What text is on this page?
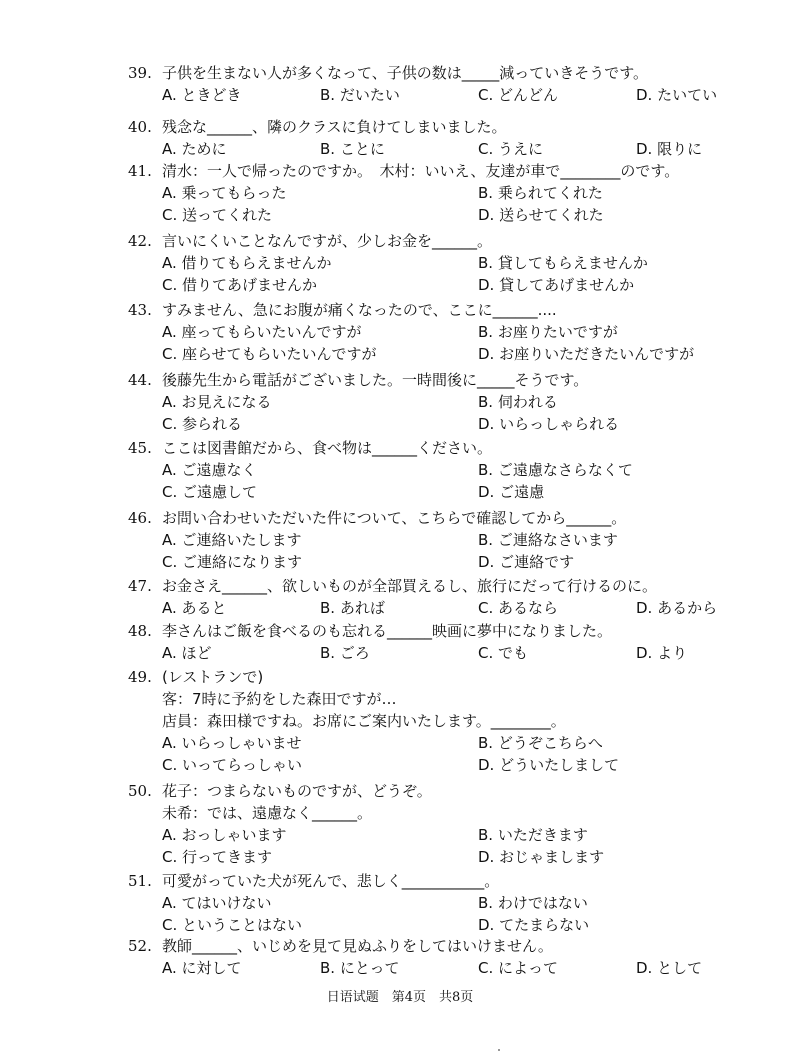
39. 子供を生まない人が多くなって、子供の数は_____減っていきそうです。
A. ときどき	B. だいたい	C. どんどん	D. たいてい
40. 残念な______、隣のクラスに負けてしまいました。
A. ために	B. ことに	C. うえに	D. 限りに
41. 清水：一人で帰ったのですか。　木村：いいえ、友達が車で________のです。
A. 乗ってもらった	B. 乗られてくれた
C. 送ってくれた	D. 送らせてくれた
42. 言いにくいことなんですが、少しお金を______。
A. 借りてもらえませんか	B. 貸してもらえませんか
C. 借りてあげませんか	D. 貸してあげませんか
43. すみません、急にお腹が痛くなったので、ここに______....
A. 座ってもらいたいんですが	B. お座りたいですが
C. 座らせてもらいたいんですが	D. お座りいただきたいんですが
44. 後藤先生から電話がございました。一時間後に_____そうです。
A. お見えになる	B. 伺われる
C. 参られる	D. いらっしゃられる
45. ここは図書館だから、食べ物は______ください。
A. ご遠慮なく	B. ご遠慮なさらなくて
C. ご遠慮して	D. ご遠慮
46. お問い合わせいただいた件について、こちらで確認してから______。
A. ご連絡いたします	B. ご連絡なさいます
C. ご連絡になります	D. ご連絡です
47. お金さえ______、欲しいものが全部買えるし、旅行にだって行けるのに。
A. あると	B. あれば	C. あるなら	D. あるから
48. 李さんはご飯を食べるのも忘れる______映画に夢中になりました。
A. ほど	B. ごろ	C. でも	D. より
49. (レストランで)
客：7時に予約をした森田ですが…
店員：森田様ですね。お席にご案内いたします。________。
A. いらっしゃいませ	B. どうぞこちらへ
C. いってらっしゃい	D. どういたしまして
50. 花子：つまらないものですが、どうぞ。
未希：では、遠慮なく______。
A. おっしゃいます	B. いただきます
C. 行ってきます	D. おじゃまします
51. 可愛がっていた犬が死んで、悲しく___________。
A. てはいけない	B. わけではない
C. ということはない	D. てたまらない
52. 教師______、いじめを見て見ぬふりをしてはいけません。
A. に対して	B. にとって	C. によって	D. として
日语试题　第4页　共8页
